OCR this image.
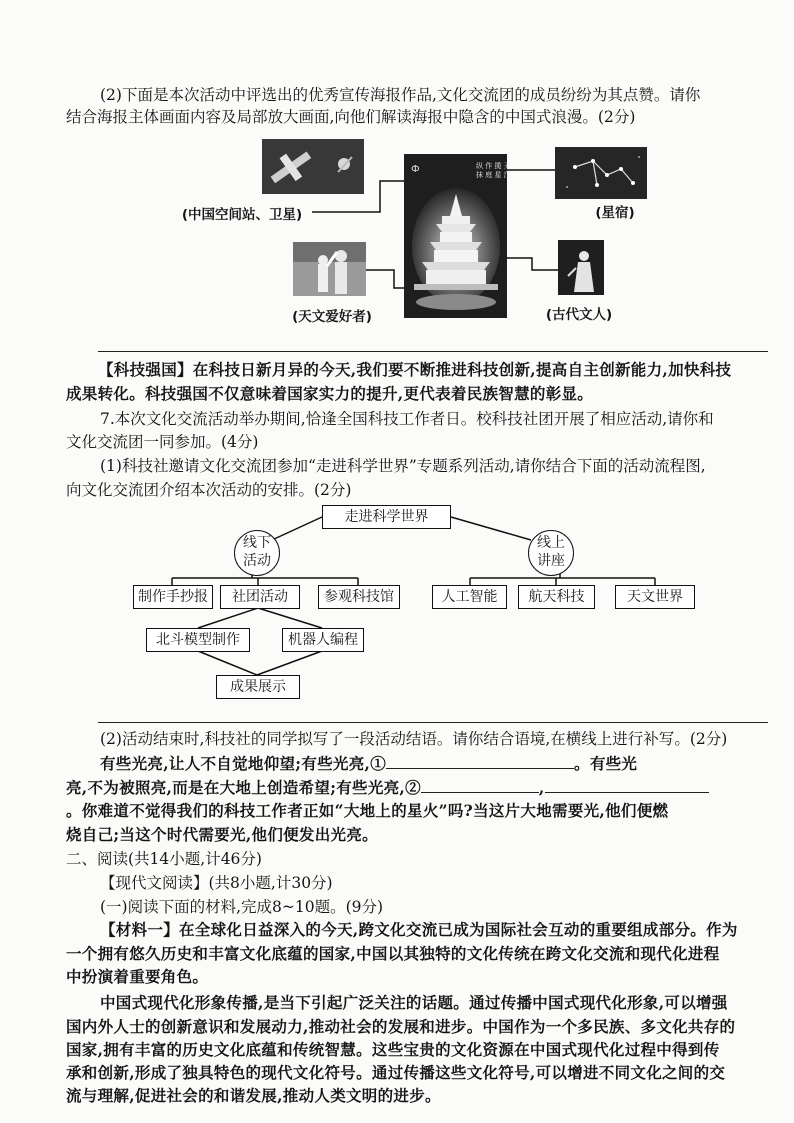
(2)下面是本次活动中评选出的优秀宣传海报作品,文化交流团的成员纷纷为其点赞。请你
结合海报主体画面内容及局部放大画面,向他们解读海报中隐含的中国式浪漫。(2分)
(中国空间站、卫星)	(星宿)
(天文爱好者)	(古代文人)
Ф	纵 作 揽 天
抹 庭 星 汉
【科技强国】在科技日新月异的今天,我们要不断推进科技创新,提高自主创新能力,加快科技
成果转化。科技强国不仅意味着国家实力的提升,更代表着民族智慧的彰显。
7.本次文化交流活动举办期间,恰逢全国科技工作者日。校科技社团开展了相应活动,请你和
文化交流团一同参加。(4分)
(1)科技社邀请文化交流团参加“走进科学世界”专题系列活动,请你结合下面的活动流程图,
向文化交流团介绍本次活动的安排。(2分)
走进科学世界
线下活动
线上讲座
制作手抄报	社团活动	参观科技馆	人工智能	航天科技	天文世界
北斗模型制作	机器人编程
成果展示
(2)活动结束时,科技社的同学拟写了一段活动结语。请你结合语境,在横线上进行补写。(2分)
有些光亮,让人不自觉地仰望;有些光亮,①	。有些光
亮,不为被照亮,而是在大地上创造希望;有些光亮,②	,
。你难道不觉得我们的科技工作者正如“大地上的星火”吗?当这片大地需要光,他们便燃
烧自己;当这个时代需要光,他们便发出光亮。
二、阅读(共14小题,计46分)
【现代文阅读】(共8小题,计30分)
(一)阅读下面的材料,完成8~10题。(9分)
【材料一】在全球化日益深入的今天,跨文化交流已成为国际社会互动的重要组成部分。作为
一个拥有悠久历史和丰富文化底蕴的国家,中国以其独特的文化传统在跨文化交流和现代化进程
中扮演着重要角色。
中国式现代化形象传播,是当下引起广泛关注的话题。通过传播中国式现代化形象,可以增强
国内外人士的创新意识和发展动力,推动社会的发展和进步。中国作为一个多民族、多文化共存的
国家,拥有丰富的历史文化底蕴和传统智慧。这些宝贵的文化资源在中国式现代化过程中得到传
承和创新,形成了独具特色的现代文化符号。通过传播这些文化符号,可以增进不同文化之间的交
流与理解,促进社会的和谐发展,推动人类文明的进步。
